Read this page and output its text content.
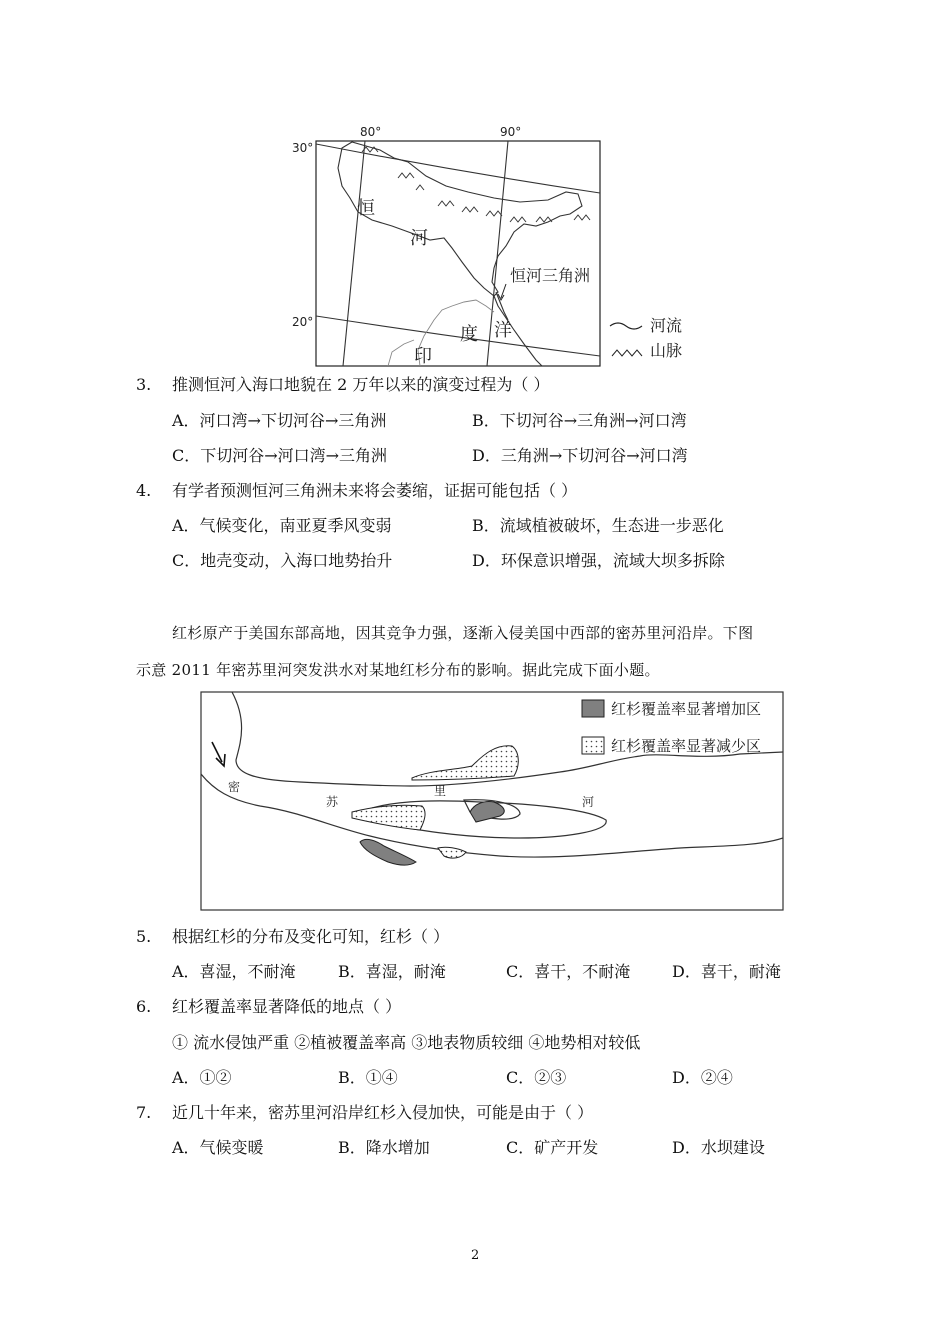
80°	90°
30°
20°
恒
河
恒河三角洲
印
度 洋	河流
山脉
3. 推测恒河入海口地貌在 2 万年以来的演变过程为（ ）
A．河口湾→下切河谷→三角洲	B．下切河谷→三角洲→河口湾
C．下切河谷→河口湾→三角洲	D．三角洲→下切河谷→河口湾
4. 有学者预测恒河三角洲未来将会萎缩，证据可能包括（ ）
A．气候变化，南亚夏季风变弱	B．流域植被破坏，生态进一步恶化
C．地壳变动，入海口地势抬升	D．环保意识增强，流域大坝多拆除
红杉原产于美国东部高地，因其竞争力强，逐渐入侵美国中西部的密苏里河沿岸。下图
示意 2011 年密苏里河突发洪水对某地红杉分布的影响。据此完成下面小题。
密
苏
里
河
红杉覆盖率显著增加区
红杉覆盖率显著减少区
5. 根据红杉的分布及变化可知，红杉（ ）
A．喜湿，不耐淹	B．喜湿，耐淹	C．喜干，不耐淹	D．喜干，耐淹
6. 红杉覆盖率显著降低的地点（ ）
① 流水侵蚀严重 ②植被覆盖率高 ③地表物质较细 ④地势相对较低
A．①②	B．①④	C．②③	D．②④
7. 近几十年来，密苏里河沿岸红杉入侵加快，可能是由于（ ）
A．气候变暖	B．降水增加	C．矿产开发	D．水坝建设
2
